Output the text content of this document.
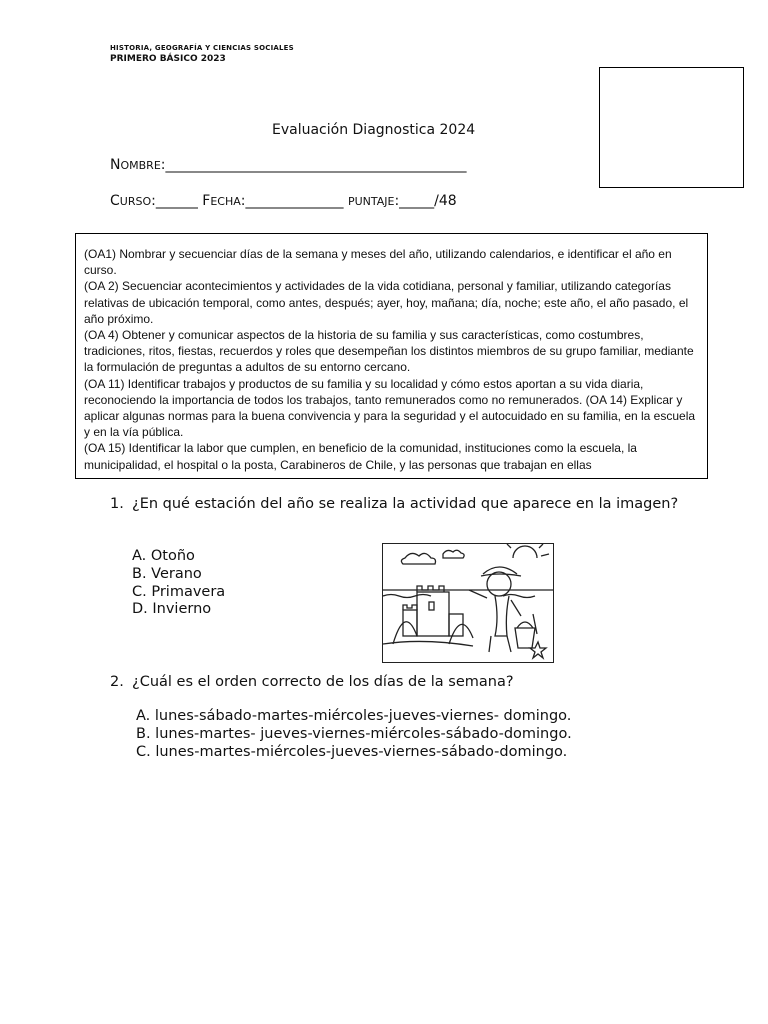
HISTORIA, GEOGRAFÍA Y CIENCIAS SOCIALES
PRIMERO BÁSICO 2023
Evaluación Diagnostica 2024
NOMBRE:___________________________________________
CURSO:______ FECHA:______________ PUNTAJE:_____/48

(OA1) Nombrar y secuenciar días de la semana y meses del año, utilizando calendarios, e identificar el año en curso.

(OA 2) Secuenciar acontecimientos y actividades de la vida cotidiana, personal y familiar, utilizando categorías relativas de ubicación temporal, como antes, después; ayer, hoy, mañana; día, noche; este año, el año pasado, el año próximo.

(OA 4) Obtener y comunicar aspectos de la historia de su familia y sus características, como costumbres, tradiciones, ritos, fiestas, recuerdos y roles que desempeñan los distintos miembros de su grupo familiar, mediante la formulación de preguntas a adultos de su entorno cercano.

(OA 11) Identificar trabajos y productos de su familia y su localidad y cómo estos aportan a su vida diaria, reconociendo la importancia de todos los trabajos, tanto remunerados como no remunerados. (OA 14) Explicar y aplicar algunas normas para la buena convivencia y para la seguridad y el autocuidado en su familia, en la escuela y en la vía pública.

(OA 15) Identificar la labor que cumplen, en beneficio de la comunidad, instituciones como la escuela, la municipalidad, el hospital o la posta, Carabineros de Chile, y las personas que trabajan en ellas

1. ¿En qué estación del año se realiza la actividad que aparece en la imagen?
A. Otoño
B. Verano
C. Primavera
D. Invierno
2. ¿Cuál es el orden correcto de los días de la semana?
A. lunes-sábado-martes-miércoles-jueves-viernes- domingo.
B. lunes-martes- jueves-viernes-miércoles-sábado-domingo.
C. lunes-martes-miércoles-jueves-viernes-sábado-domingo.
